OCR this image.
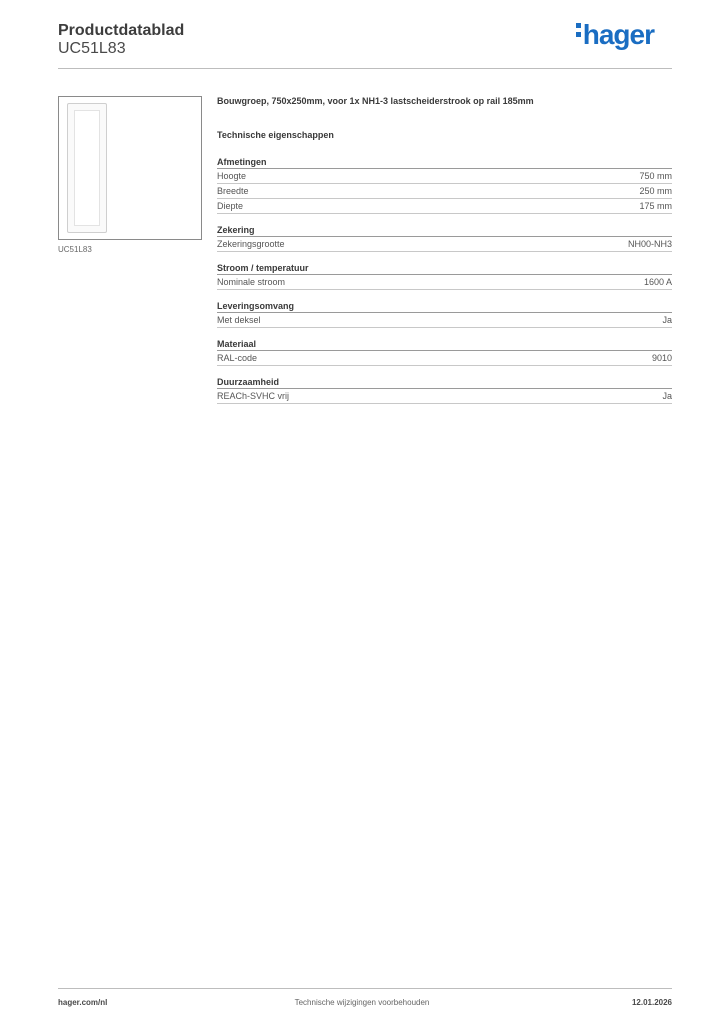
Productdatablad
UC51L83	hager
UC51L83
Bouwgroep, 750x250mm, voor 1x NH1-3 lastscheiderstrook op rail 185mm
Technische eigenschappen
Afmetingen
Hoogte	750 mm
Breedte	250 mm
Diepte	175 mm
Zekering
Zekeringsgrootte	NH00-NH3
Stroom / temperatuur
Nominale stroom	1600 A
Leveringsomvang
Met deksel	Ja
Materiaal
RAL-code	9010
Duurzaamheid
REACh-SVHC vrij	Ja
hager.com/nl	Technische wijzigingen voorbehouden	12.01.2026
